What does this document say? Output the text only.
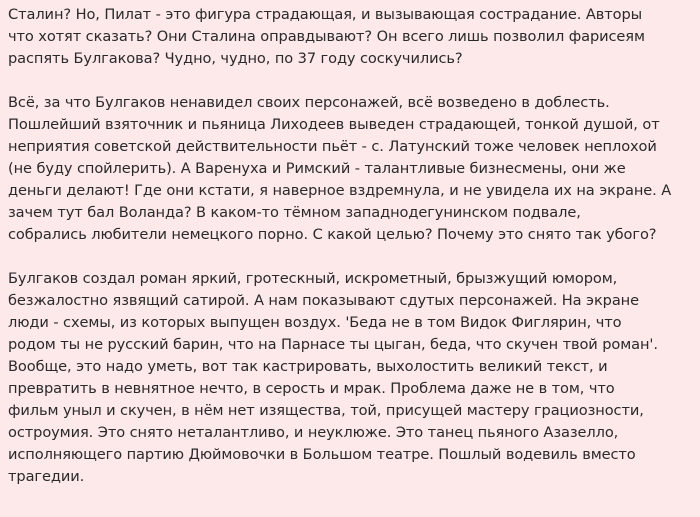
Сталин? Но, Пилат - это фигура страдающая, и вызывающая сострадание. Авторы
что хотят сказать? Они Сталина оправдывают? Он всего лишь позволил фарисеям
распять Булгакова? Чудно, чудно, по 37 году соскучились?

Всё, за что Булгаков ненавидел своих персонажей, всё возведено в доблесть.
Пошлейший взяточник и пьяница Лиходеев выведен страдающей, тонкой душой, от
неприятия советской действительности пьёт - с. Латунский тоже человек неплохой
(не буду спойлерить). А Варенуха и Римский - талантливые бизнесмены, они же
деньги делают! Где они кстати, я наверное вздремнула, и не увидела их на экране. А
зачем тут бал Воланда? В каком-то тёмном западнодегунинском подвале,
собрались любители немецкого порно. С какой целью? Почему это снято так убого?

Булгаков создал роман яркий, гротескный, искрометный, брызжущий юмором,
безжалостно язвящий сатирой. А нам показывают сдутых персонажей. На экране
люди - схемы, из которых выпущен воздух. 'Беда не в том Видок Фиглярин, что
родом ты не русский барин, что на Парнасе ты цыган, беда, что скучен твой роман'.
Вообще, это надо уметь, вот так кастрировать, выхолостить великий текст, и
превратить в невнятное нечто, в серость и мрак. Проблема даже не в том, что
фильм уныл и скучен, в нём нет изящества, той, присущей мастеру грациозности,
остроумия. Это снято неталантливо, и неуклюже. Это танец пьяного Азазелло,
исполняющего партию Дюймовочки в Большом театре. Пошлый водевиль вместо
трагедии.
